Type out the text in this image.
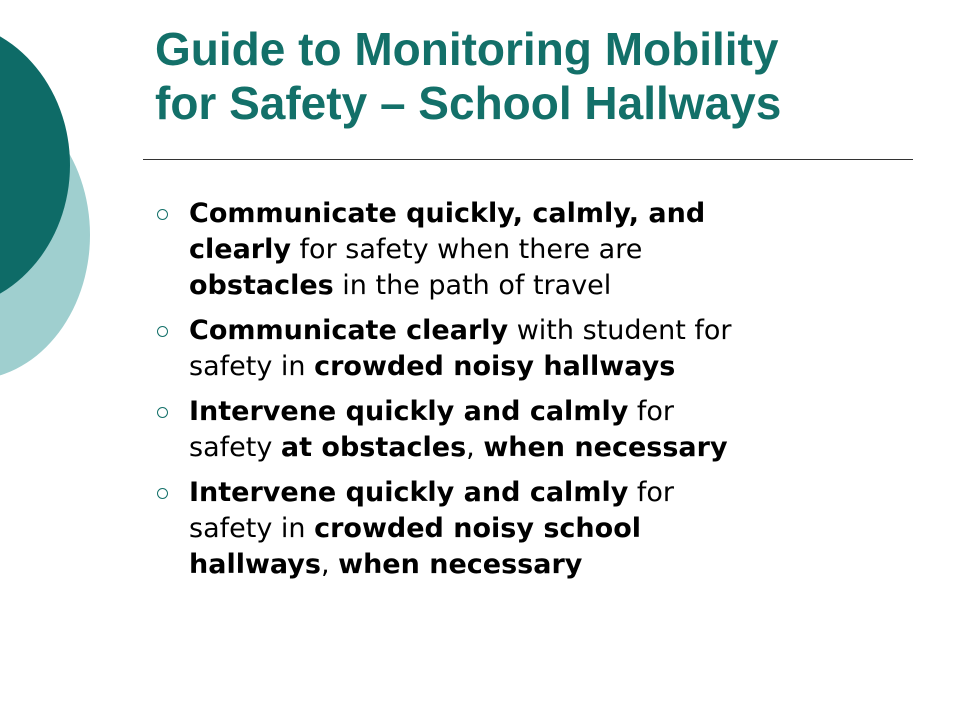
Guide to Monitoring Mobility
for Safety – School Hallways
Communicate quickly, calmly, and
clearly for safety when there are
obstacles in the path of travel
Communicate clearly with student for
safety in crowded noisy hallways
Intervene quickly and calmly for
safety at obstacles, when necessary
Intervene quickly and calmly for
safety in crowded noisy school
hallways, when necessary
